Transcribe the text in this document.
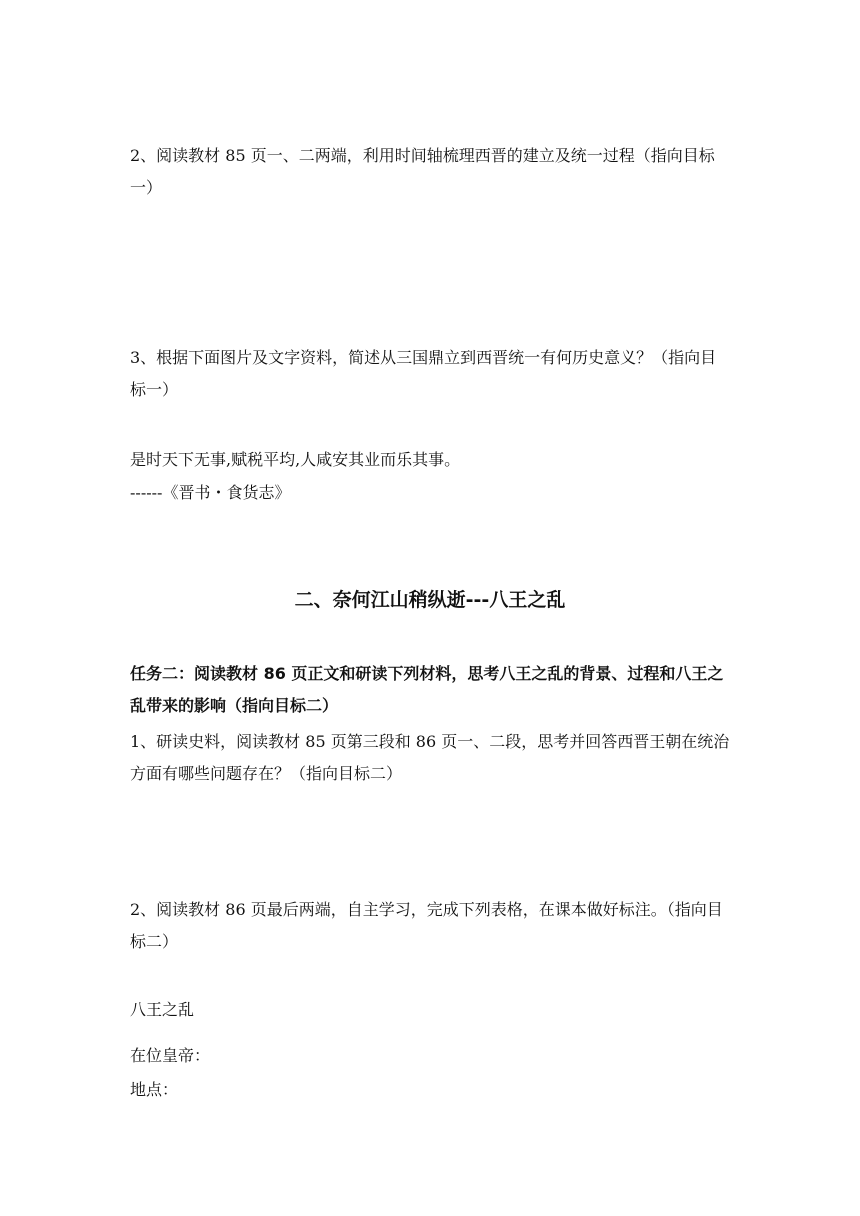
2、阅读教材 85 页一、二两端，利用时间轴梳理西晋的建立及统一过程（指向目标一）

3、根据下面图片及文字资料，简述从三国鼎立到西晋统一有何历史意义？（指向目标一）

是时天下无事,赋税平均,人咸安其业而乐其事。

------《晋书・食货志》

二、奈何江山稍纵逝---八王之乱

任务二：阅读教材 86 页正文和研读下列材料，思考八王之乱的背景、过程和八王之乱带来的影响（指向目标二）

1、研读史料，阅读教材 85 页第三段和 86 页一、二段，思考并回答西晋王朝在统治方面有哪些问题存在？（指向目标二）

2、阅读教材 86 页最后两端，自主学习，完成下列表格，在课本做好标注。（指向目标二）

八王之乱

在位皇帝：

地点：
